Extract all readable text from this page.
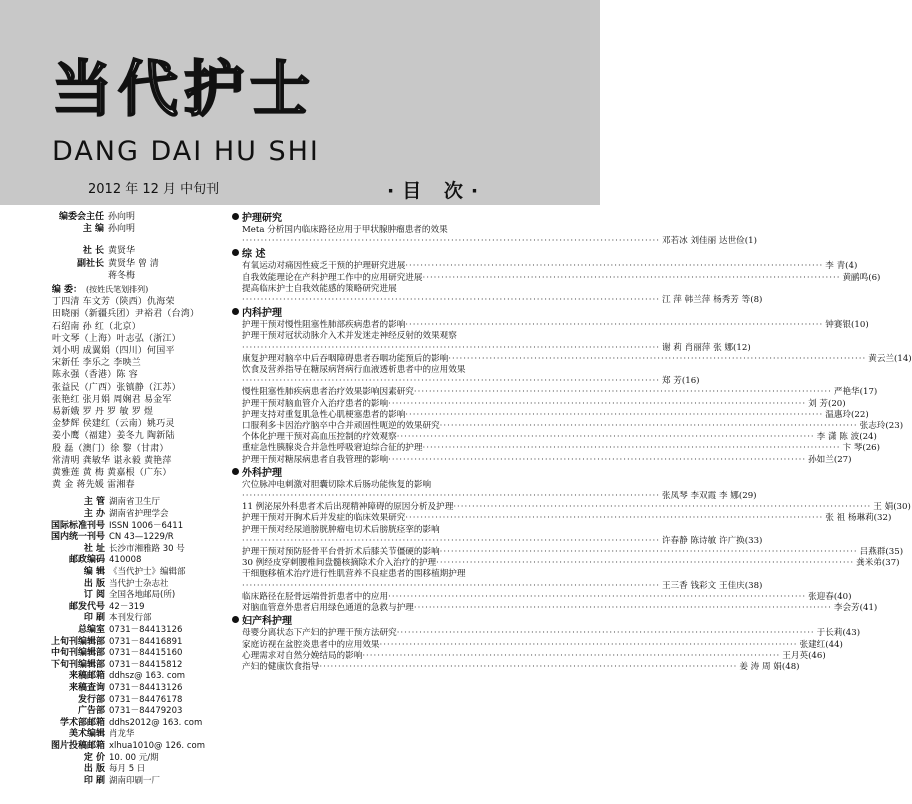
当代护士
DANG DAI HU SHI
2012 年 12 月 中旬刊	·目 次·
编委会主任 孙向明
主 编 孙向明
社 长 黄贤华
副社长 黄贤华 曾 清
蒋冬梅
编 委： (按姓氏笔划排列)
丁四清 车文芳（陕西）仇海荣
田晓丽（新疆兵团）尹裕君（台湾）
石绍南 孙 红（北京）
叶文琴（上海）叶志弘（浙江）
刘小明 成翼娟（四川）何国平
宋新任 李乐之 李映兰
陈永强（香港）陈 容
张益民（广西）张镇静（江苏）
张艳红 张月娟 周娴君 易金军
易新娥 罗 丹 罗 敏 罗 煜
金梦辉 侯建红（云南）姚巧灵
姜小鹰（福建）姜冬九 陶新陆
殷 磊（澳门）徐 黎（甘肃）
常清明 龚敏华 谌永毅 黄艳萍
黄雅莲 黄 梅 黄嘉根（广东）
黄 金 蒋先媛 雷湘春
主 管 湖南省卫生厅
主 办 湖南省护理学会
国际标准刊号 ISSN 1006－6411
国内统一刊号 CN 43—1229/R
社 址 长沙市湘雅路 30 号
邮政编码 410008
编 辑 《当代护士》编辑部
出 版 当代护士杂志社
订 阅 全国各地邮局(所)
邮发代号 42－319
印 刷 本刊发行部
总编室 0731－84413126
上旬刊编辑部 0731－84416891
中旬刊编辑部 0731－84415160
下旬刊编辑部 0731－84415812
来稿邮箱 ddhsz@ 163. com
来稿查询 0731－84413126
发行部 0731－84476178
广告部 0731－84479203
学术部邮箱 ddhs2012@ 163. com
美术编辑 肖龙华
图片投稿邮箱 xlhua1010@ 126. com
定 价 10. 00 元/期
出 版 每月 5 日
印 刷 湖南印刷一厂
护理研究
Meta 分析国内临床路径应用于甲状腺肿瘤患者的效果
·····
邓若冰 刘佳丽 达世俭(1)
综 述
有氧运动对痛因性疲乏干预的护理研究进展 ·····	李 青(4)
自我效能理论在产科护理工作中的应用研究进展 ·····	黄鹂鸣(6)
提高临床护士自我效能感的策略研究进展
·····
江 萍 韩兰萍 杨秀芳 等(8)
内科护理
护理干预对慢性阻塞性肺部疾病患者的影响 ·····	钟赛银(10)
护理干预对冠状动脉介入术并发迷走神经反射的效果观察
·····
谢 莉 肖丽萍 张 娜(12)
康复护理对脑卒中后吞咽障碍患者吞咽功能预后的影响 ·····	黄云兰(14)
饮食及营养指导在糖尿病肾病行血液透析患者中的应用效果
·····
郑 芳(16)
慢性阻塞性肺疾病患者治疗效果影响因素研究 ·····	严艳华(17)
护理干预对脑血管介入治疗患者的影响 ·····	刘 芳(20)
护理支持对重复肌急性心肌梗塞患者的影响 ·····	温惠玲(22)
口服利多卡因治疗脑卒中合并顽固性呃逆的效果研究 ·····	张志玲(23)
个体化护理干预对高血压控制的疗效观察 ·····	李 潇 陈 波(24)
重症急性胰腺炎合并急性呼吸窘迫综合征的护理 ·····	卞 琴(26)
护理干预对糖尿病患者自我管理的影响 ·····	孙如兰(27)
外科护理
穴位脉冲电刺激对胆囊切除术后肠功能恢复的影响
·····
张凤琴 李双霞 李 娜(29)
11 例泌尿外科患者术后出现精神障碍的原因分析及护理 ·····	王 娟(30)
护理干预对开胸术后并发症的临床效果研究 ·····	张 祖 杨琳莉(32)
护理干预对经尿道膀胱肿瘤电切术后膀胱痉挛的影响
·····
许春静 陈诗敏 许广换(33)
护理干预对预防胫骨平台骨折术后膝关节僵硬的影响 ·····	吕燕群(35)
30 例经皮穿刺腰椎间盘髓核摘除术介入治疗的护理 ·····	龚米弟(37)
干细胞移植术治疗进行性肌营养不良症患者的围移植期护理
·····
王三香 钱彩文 王佳庆(38)
临床路径在胫骨远端骨折患者中的应用 ·····	张迎春(40)
对脑血管意外患者启用绿色通道的急救与护理 ·····	李会芳(41)
妇产科护理
母婴分离状态下产妇的护理干预方法研究 ·····	于长莉(43)
家庭访视在盆腔炎患者中的应用效果 ·····	张建红(44)
心理需求对自然分娩结局的影响 ·····	王月英(46)
产妇的健康饮食指导 ·····	姜 涛 周 娟(48)
